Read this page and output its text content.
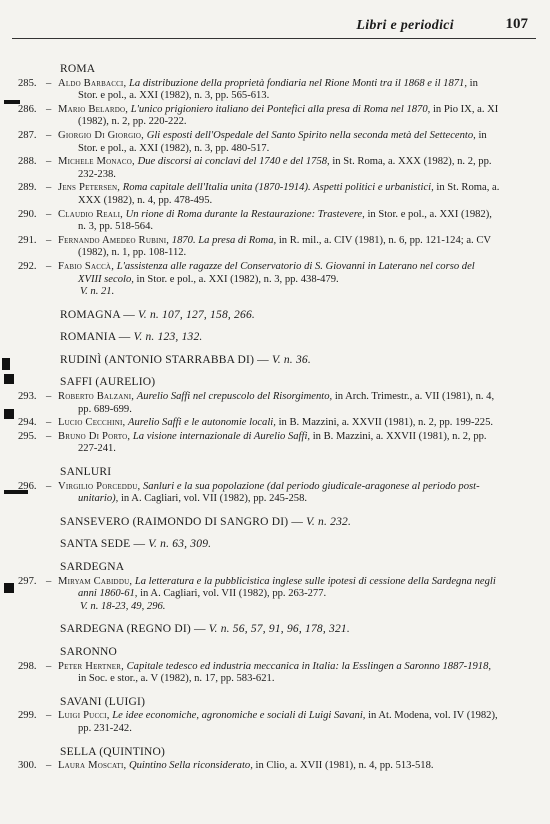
Libri e periodici	107
ROMA
285. – Aldo Barbacci, La distribuzione della proprietà fondiaria nel Rione Monti tra il 1868 e il 1871, in Stor. e pol., a. XXI (1982), n. 3, pp. 565-613.
286. – Mario Belardo, L'unico prigioniero italiano dei Pontefici alla presa di Roma nel 1870, in Pio IX, a. XI (1982), n. 2, pp. 220-222.
287. – Giorgio Di Giorgio, Gli esposti dell'Ospedale del Santo Spirito nella seconda metà del Settecento, in Stor. e pol., a. XXI (1982), n. 3, pp. 480-517.
288. – Michele Monaco, Due discorsi ai conclavi del 1740 e del 1758, in St. Roma, a. XXX (1982), n. 2, pp. 232-238.
289. – Jens Petersen, Roma capitale dell'Italia unita (1870-1914). Aspetti politici e urbanistici, in St. Roma, a. XXX (1982), n. 4, pp. 478-495.
290. – Claudio Reali, Un rione di Roma durante la Restaurazione: Trastevere, in Stor. e pol., a. XXI (1982), n. 3, pp. 518-564.
291. – Fernando Amedeo Rubini, 1870. La presa di Roma, in R. mil., a. CIV (1981), n. 6, pp. 121-124; a. CV (1982), n. 1, pp. 108-112.
292. – Fabio Saccà, L'assistenza alle ragazze del Conservatorio di S. Giovanni in Laterano nel corso del XVIII secolo, in Stor. e pol., a. XXI (1982), n. 3, pp. 438-479.
V. n. 21.
ROMAGNA — V. n. 107, 127, 158, 266.
ROMANIA — V. n. 123, 132.
RUDINÌ (ANTONIO STARRABBA DI) — V. n. 36.
SAFFI (AURELIO)
293. – Roberto Balzani, Aurelio Saffi nel crepuscolo del Risorgimento, in Arch. Trimestr., a. VII (1981), n. 4, pp. 689-699.
294. – Lucio Cecchini, Aurelio Saffi e le autonomie locali, in B. Mazzini, a. XXVII (1981), n. 2, pp. 199-225.
295. – Bruno Di Porto, La visione internazionale di Aurelio Saffi, in B. Mazzini, a. XXVII (1981), n. 2, pp. 227-241.
SANLURI
296. – Virgilio Porceddu, Sanluri e la sua popolazione (dal periodo giudicale-aragonese al periodo post-unitario), in A. Cagliari, vol. VII (1982), pp. 245-258.
SANSEVERO (RAIMONDO DI SANGRO DI) — V. n. 232.
SANTA SEDE — V. n. 63, 309.
SARDEGNA
297. – Miryam Cabiddu, La letteratura e la pubblicistica inglese sulle ipotesi di cessione della Sardegna negli anni 1860-61, in A. Cagliari, vol. VII (1982), pp. 263-277.
V. n. 18-23, 49, 296.
SARDEGNA (REGNO DI) — V. n. 56, 57, 91, 96, 178, 321.
SARONNO
298. – Peter Hertner, Capitale tedesco ed industria meccanica in Italia: la Esslingen a Saronno 1887-1918, in Soc. e stor., a. V (1982), n. 17, pp. 583-621.
SAVANI (LUIGI)
299. – Luigi Pucci, Le idee economiche, agronomiche e sociali di Luigi Savani, in At. Modena, vol. IV (1982), pp. 231-242.
SELLA (QUINTINO)
300. – Laura Moscati, Quintino Sella riconsiderato, in Clio, a. XVII (1981), n. 4, pp. 513-518.
